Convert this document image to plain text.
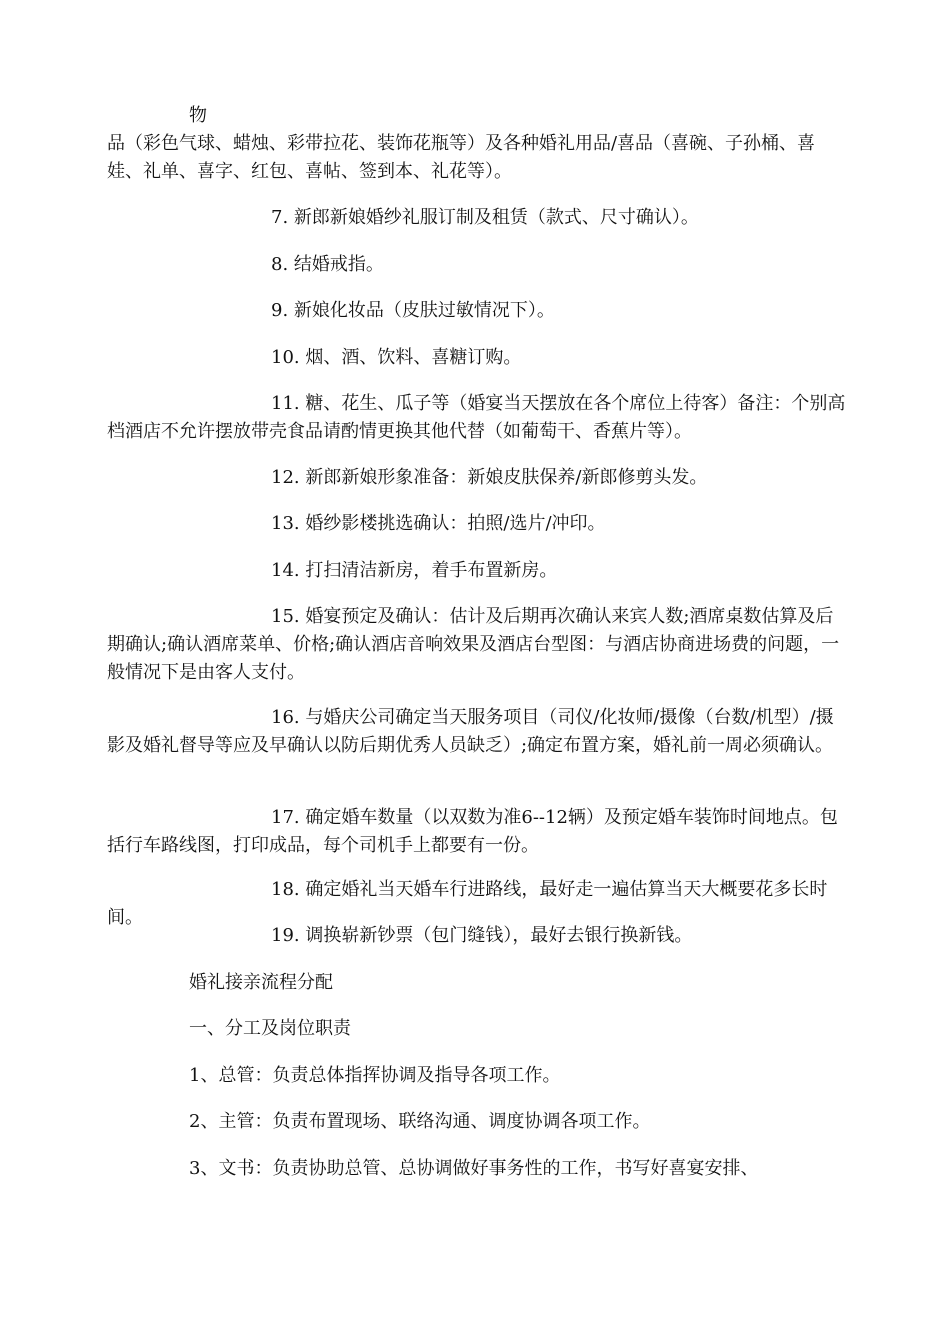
物

品（彩色气球、蜡烛、彩带拉花、装饰花瓶等）及各种婚礼用品/喜品（喜碗、子孙桶、喜娃、礼单、喜字、红包、喜帖、签到本、礼花等）。

7. 新郎新娘婚纱礼服订制及租赁（款式、尺寸确认）。

8. 结婚戒指。

9. 新娘化妆品（皮肤过敏情况下）。

10. 烟、酒、饮料、喜糖订购。

11. 糖、花生、瓜子等（婚宴当天摆放在各个席位上待客）备注：个别高档酒店不允许摆放带壳食品请酌情更换其他代替（如葡萄干、香蕉片等）。

12. 新郎新娘形象准备：新娘皮肤保养/新郎修剪头发。

13. 婚纱影楼挑选确认：拍照/选片/冲印。

14. 打扫清洁新房，着手布置新房。

15. 婚宴预定及确认：估计及后期再次确认来宾人数;酒席桌数估算及后期确认;确认酒席菜单、价格;确认酒店音响效果及酒店台型图：与酒店协商进场费的问题，一般情况下是由客人支付。

16. 与婚庆公司确定当天服务项目（司仪/化妆师/摄像（台数/机型）/摄影及婚礼督导等应及早确认以防后期优秀人员缺乏）;确定布置方案，婚礼前一周必须确认。

17. 确定婚车数量（以双数为准6--12辆）及预定婚车装饰时间地点。包括行车路线图，打印成品，每个司机手上都要有一份。

18. 确定婚礼当天婚车行进路线，最好走一遍估算当天大概要花多长时间。

19. 调换崭新钞票（包门缝钱），最好去银行换新钱。

婚礼接亲流程分配

一、分工及岗位职责

1、总管：负责总体指挥协调及指导各项工作。

2、主管：负责布置现场、联络沟通、调度协调各项工作。

3、文书：负责协助总管、总协调做好事务性的工作，书写好喜宴安排、
